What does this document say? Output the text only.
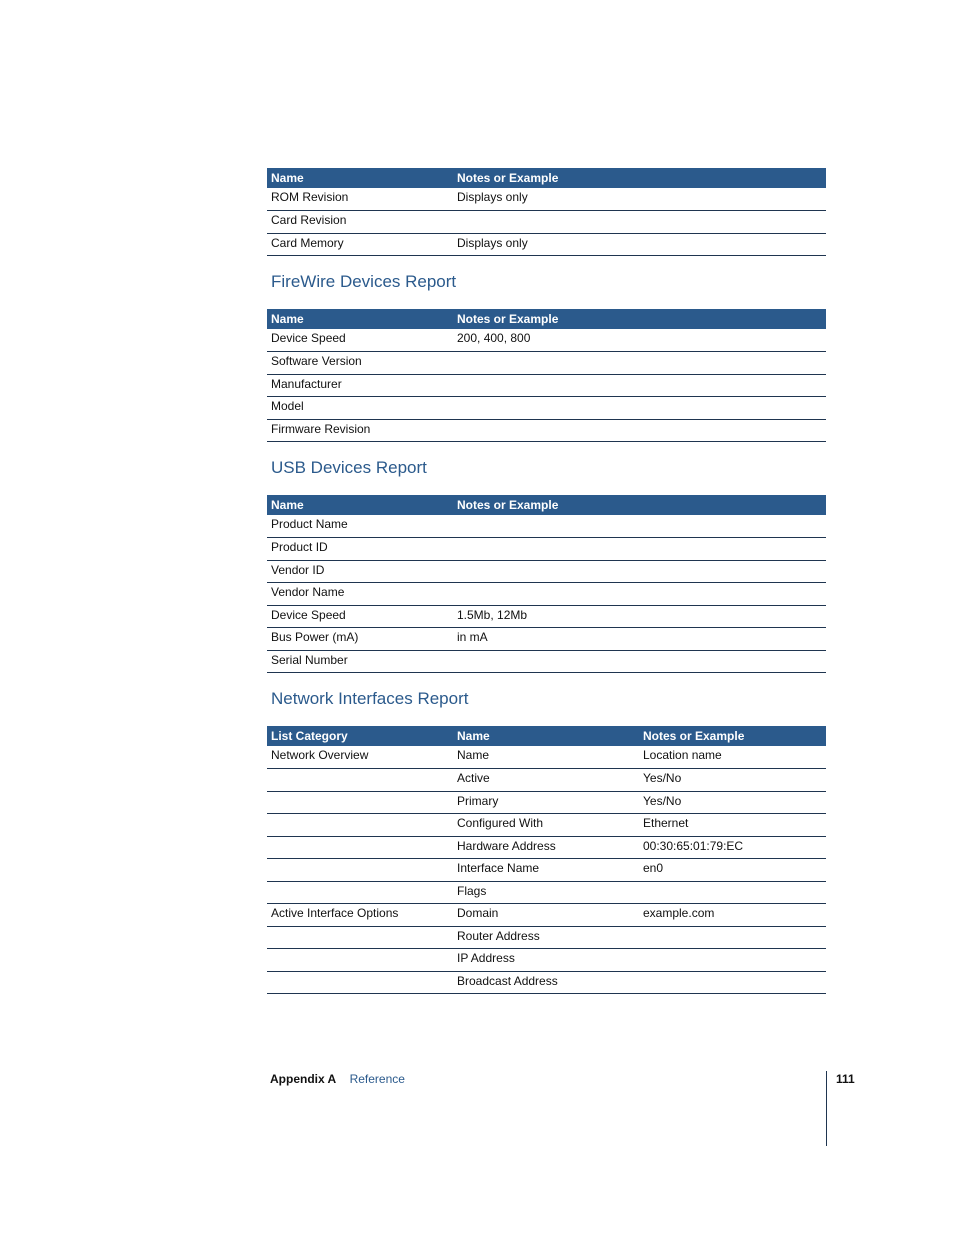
Name	Notes or Example
ROM Revision	Displays only
Card Revision	
Card Memory	Displays only
FireWire Devices Report
Name	Notes or Example
Device Speed	200, 400, 800
Software Version	
Manufacturer	
Model	
Firmware Revision	
USB Devices Report
Name	Notes or Example
Product Name	
Product ID	
Vendor ID	
Vendor Name	
Device Speed	1.5Mb, 12Mb
Bus Power (mA)	in mA
Serial Number	
Network Interfaces Report
List Category	Name	Notes or Example
Network Overview	Name	Location name
	Active	Yes/No
	Primary	Yes/No
	Configured With	Ethernet
	Hardware Address	00:30:65:01:79:EC
	Interface Name	en0
	Flags	
Active Interface Options	Domain	example.com
	Router Address	
	IP Address	
	Broadcast Address	
Appendix A Reference	111
